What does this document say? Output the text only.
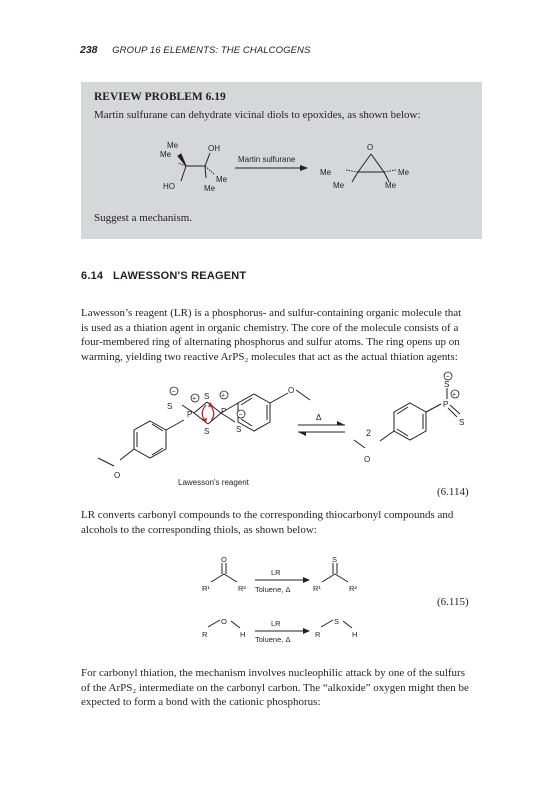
238 GROUP 16 ELEMENTS: THE CHALCOGENS
REVIEW PROBLEM 6.19
Martin sulfurane can dehydrate vicinal diols to epoxides, as shown below:
Me
Me
OH
Me
HO	Me
Martin sulfurane
O
Me	Me
Me	Me
Suggest a mechanism.
6.14 LAWESSON'S REAGENT
Lawesson’s reagent (LR) is a phosphorus- and sulfur-containing organic molecule that
is used as a thiation agent in organic chemistry. The core of the molecule consists of a
four-membered ring of alternating phosphorus and sulfur atoms. The ring opens up on
warming, yielding two reactive ArPS₂ molecules that act as the actual thiation agents:
S
P
S
P
S	S
O
O
−
+	+
−	Δ
2
P
S
S
O
−
+
Lawesson's reagent
(6.114)
LR converts carbonyl compounds to the corresponding thiocarbonyl compounds and
alcohols to the corresponding thiols, as shown below:
O
R¹	R²
LR
Toluene, Δ
S
R¹	R²
R
O
H
LR
Toluene, Δ
R
S
H
(6.115)
For carbonyl thiation, the mechanism involves nucleophilic attack by one of the sulfurs
of the ArPS₂ intermediate on the carbonyl carbon. The “alkoxide” oxygen might then be
expected to form a bond with the cationic phosphorus:
